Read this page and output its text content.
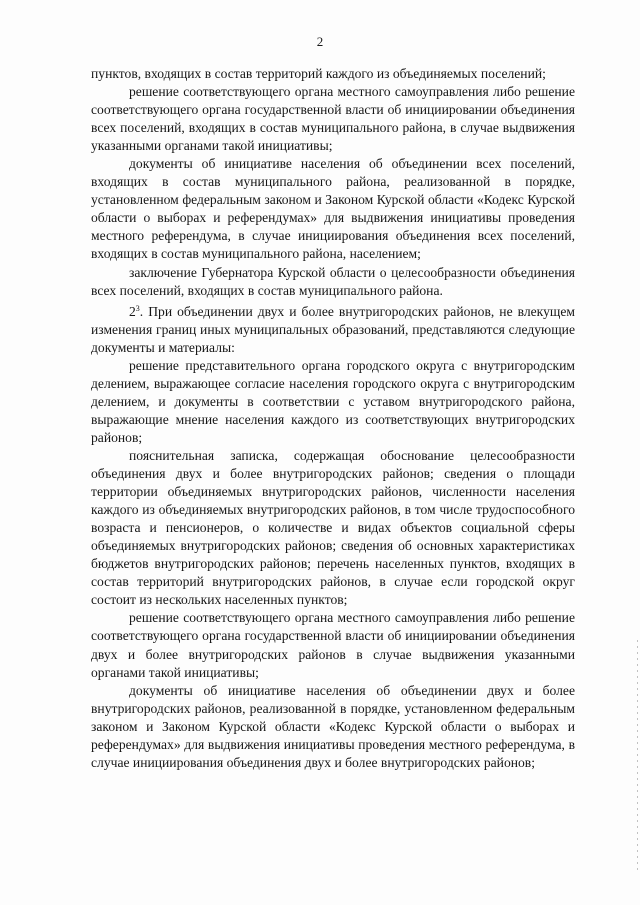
2

пунктов, входящих в состав территорий каждого из объединяемых поселений;

решение соответствующего органа местного самоуправления либо решение соответствующего органа государственной власти об инициировании объединения всех поселений, входящих в состав муниципального района, в случае выдвижения указанными органами такой инициативы;

документы об инициативе населения об объединении всех поселений, входящих в состав муниципального района, реализованной в порядке, установленном федеральным законом и Законом Курской области «Кодекс Курской области о выборах и референдумах» для выдвижения инициативы проведения местного референдума, в случае инициирования объединения всех поселений, входящих в состав муниципального района, населением;

заключение Губернатора Курской области о целесообразности объединения всех поселений, входящих в состав муниципального района.

$2^3$. При объединении двух и более внутригородских районов, не влекущем изменения границ иных муниципальных образований, представляются следующие документы и материалы:

решение представительного органа городского округа с внутригородским делением, выражающее согласие населения городского округа с внутригородским делением, и документы в соответствии с уставом внутригородского района, выражающие мнение населения каждого из соответствующих внутригородских районов;

пояснительная записка, содержащая обоснование целесообразности объединения двух и более внутригородских районов; сведения о площади территории объединяемых внутригородских районов, численности населения каждого из объединяемых внутригородских районов, в том числе трудоспособного возраста и пенсионеров, о количестве и видах объектов социальной сферы объединяемых внутригородских районов; сведения об основных характеристиках бюджетов внутригородских районов; перечень населенных пунктов, входящих в состав территорий внутригородских районов, в случае если городской округ состоит из нескольких населенных пунктов;

решение соответствующего органа местного самоуправления либо решение соответствующего органа государственной власти об инициировании объединения двух и более внутригородских районов в случае выдвижения указанными органами такой инициативы;

документы об инициативе населения об объединении двух и более внутригородских районов, реализованной в порядке, установленном федеральным законом и Законом Курской области «Кодекс Курской области о выборах и референдумах» для выдвижения инициативы проведения местного референдума, в случае инициирования объединения двух и более внутригородских районов;
